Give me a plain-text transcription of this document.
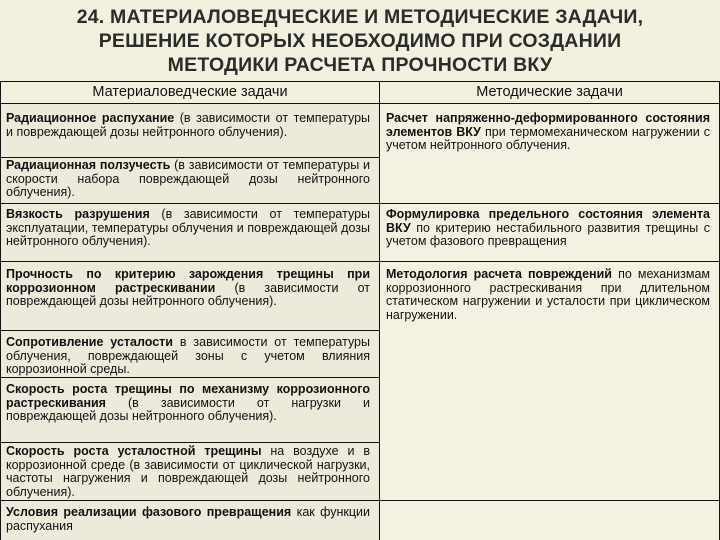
24. МАТЕРИАЛОВЕДЧЕСКИЕ И МЕТОДИЧЕСКИЕ ЗАДАЧИ,
РЕШЕНИЕ КОТОРЫХ НЕОБХОДИМО ПРИ СОЗДАНИИ
МЕТОДИКИ РАСЧЕТА ПРОЧНОСТИ ВКУ
Материаловедческие задачи	Методические задачи
Радиационное распухание (в зависимости от температуры и повреждающей дозы нейтронного облучения).
Радиационная ползучесть (в зависимости от температуры и скорости набора повреждающей дозы нейтронного облучения).
Вязкость разрушения (в зависимости от температуры эксплуатации, температуры облучения и повреждающей дозы нейтронного облучения).
Прочность по критерию зарождения трещины при коррозионном растрескивании (в зависимости от повреждающей дозы нейтронного облучения).
Сопротивление усталости в зависимости от температуры облучения, повреждающей зоны с учетом влияния коррозионной среды.
Скорость роста трещины по механизму коррозионного растрескивания (в зависимости от нагрузки и повреждающей дозы нейтронного облучения).
Скорость роста усталостной трещины на воздухе и в коррозионной среде (в зависимости от циклической нагрузки, частоты нагружения и повреждающей дозы нейтронного облучения).
Условия реализации фазового превращения как функции распухания
Расчет напряженно-деформированного состояния элементов ВКУ при термомеханическом нагружении с учетом нейтронного облучения.
Формулировка предельного состояния элемента ВКУ по критерию нестабильного развития трещины с учетом фазового превращения
Методология расчета повреждений по механизмам коррозионного растрескивания при длительном статическом нагружении и усталости при циклическом нагружении.
